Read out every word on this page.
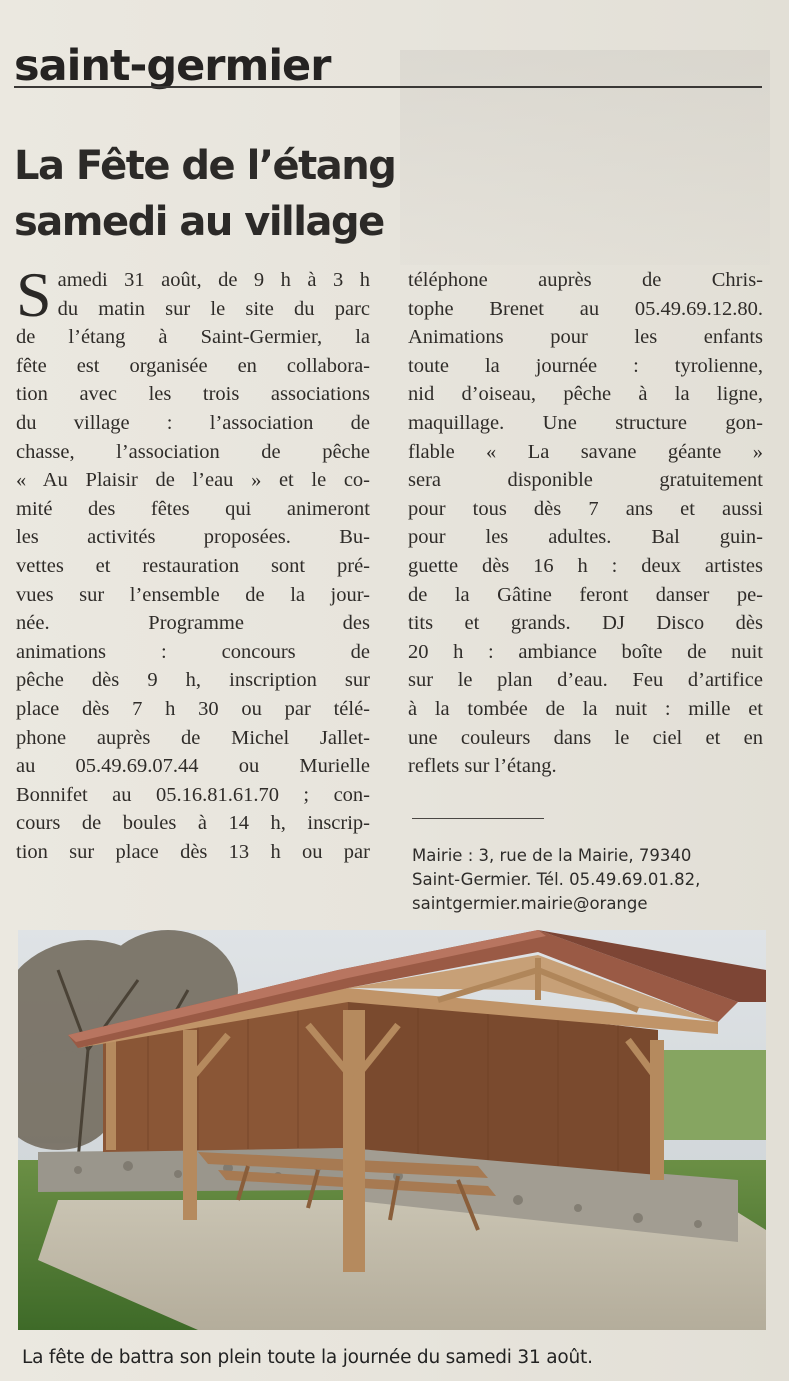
saint-germier
La Fête de l’étang
samedi au village
S amedi 31 août, de 9 h à 3 h

du matin sur le site du parc

de l’étang à Saint-Germier, la

fête est organisée en collabora-

tion avec les trois associations

du village : l’association de

chasse, l’association de pêche

« Au Plaisir de l’eau » et le co-

mité des fêtes qui animeront

les activités proposées. Bu-

vettes et restauration sont pré-

vues sur l’ensemble de la jour-

née. Programme des

animations : concours de

pêche dès 9 h, inscription sur

place dès 7 h 30 ou par télé-

phone auprès de Michel Jallet-

au 05.49.69.07.44 ou Murielle

Bonnifet au 05.16.81.61.70 ; con-

cours de boules à 14 h, inscrip-

tion sur place dès 13 h ou par

téléphone auprès de Chris-

tophe Brenet au 05.49.69.12.80.

Animations pour les enfants

toute la journée : tyrolienne,

nid d’oiseau, pêche à la ligne,

maquillage. Une structure gon-

flable « La savane géante »

sera disponible gratuitement

pour tous dès 7 ans et aussi

pour les adultes. Bal guin-

guette dès 16 h : deux artistes

de la Gâtine feront danser pe-

tits et grands. DJ Disco dès

20 h : ambiance boîte de nuit

sur le plan d’eau. Feu d’artifice

à la tombée de la nuit : mille et

une couleurs dans le ciel et en

reflets sur l’étang.

Mairie : 3, rue de la Mairie, 79340
Saint-Germier. Tél. 05.49.69.01.82,
saintgermier.mairie@orange
La fête de battra son plein toute la journée du samedi 31 août.
